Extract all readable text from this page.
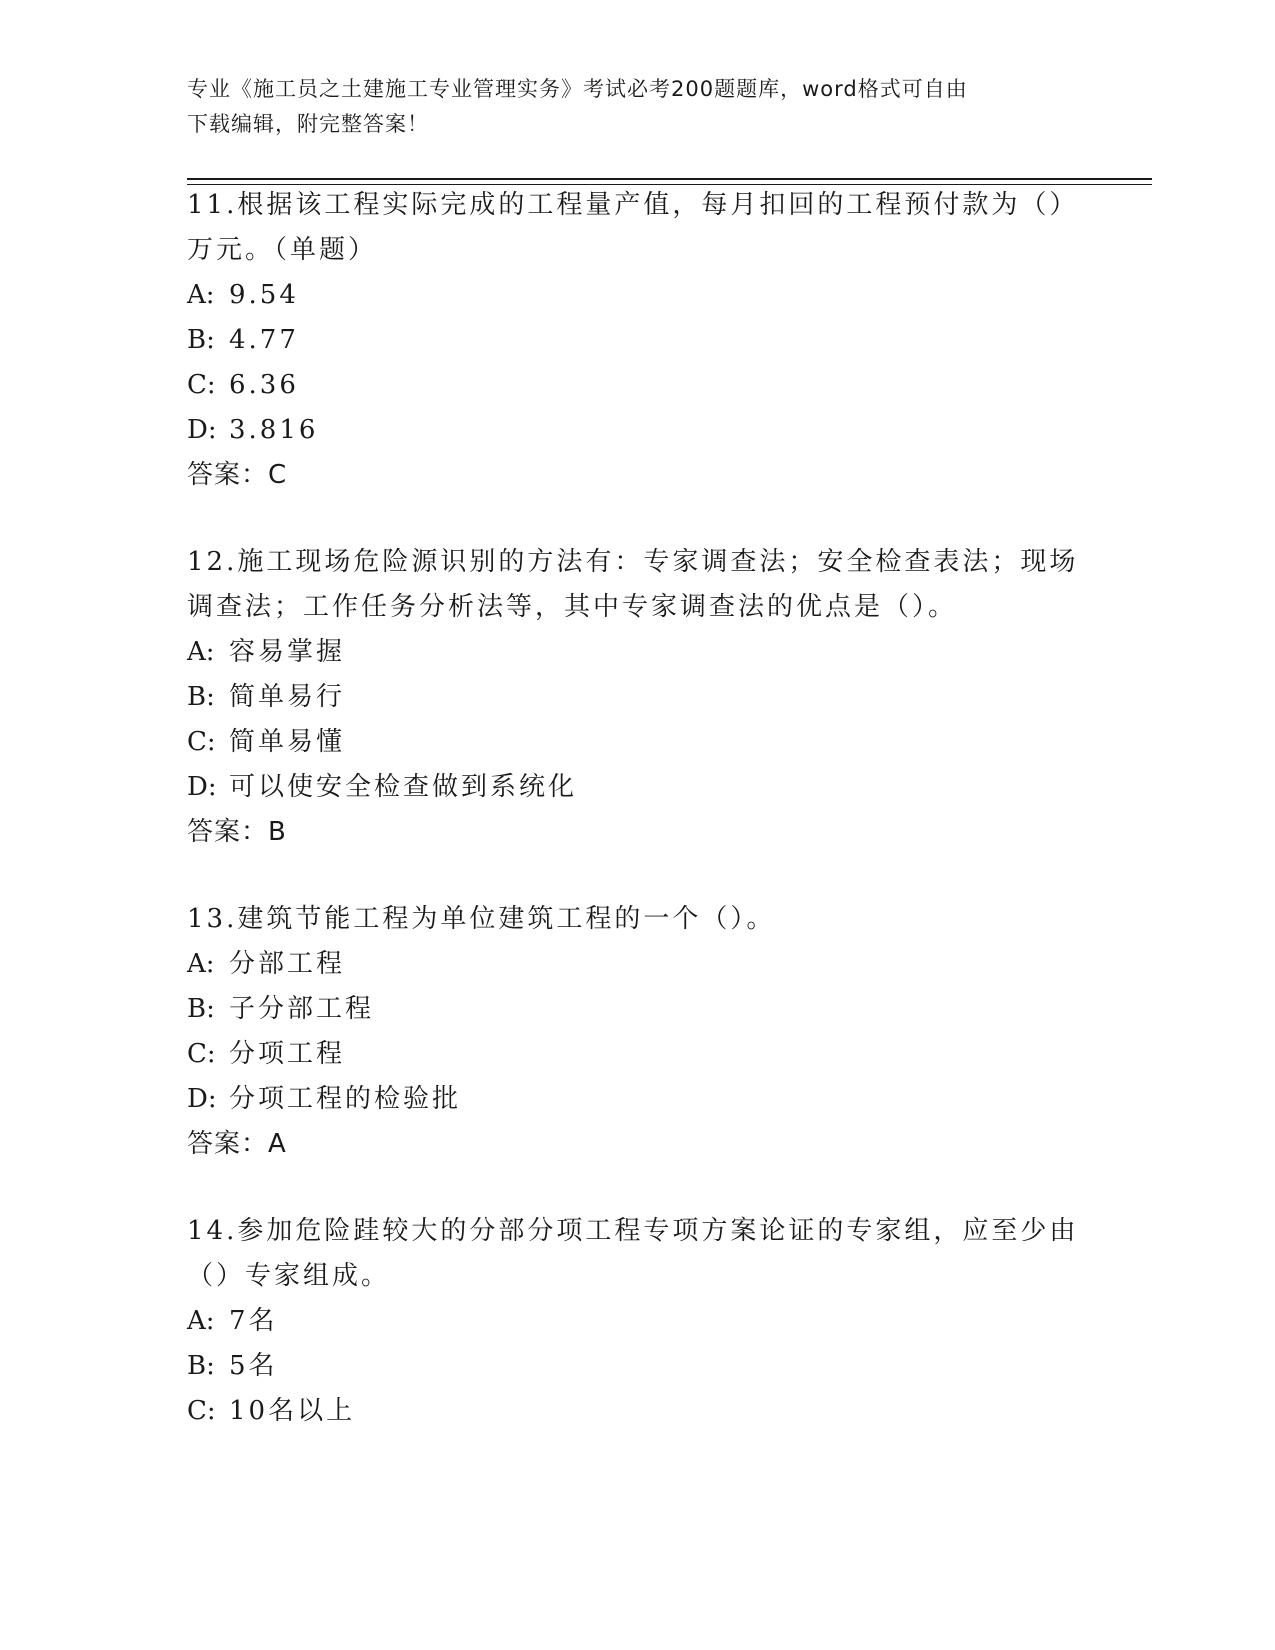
专业《施工员之土建施工专业管理实务》考试必考200题题库，word格式可自由
下载编辑，附完整答案！

11.根据该工程实际完成的工程量产值，每月扣回的工程预付款为（）

万元。（单题）

A: 9.54

B: 4.77

C: 6.36

D: 3.816

答案：C

12.施工现场危险源识别的方法有：专家调查法；安全检查表法；现场

调查法；工作任务分析法等，其中专家调查法的优点是（）。

A: 容易掌握

B: 简单易行

C: 简单易懂

D: 可以使安全检查做到系统化

答案：B

13.建筑节能工程为单位建筑工程的一个（）。

A: 分部工程

B: 子分部工程

C: 分项工程

D: 分项工程的检验批

答案：A

14.参加危险跬较大的分部分项工程专项方案论证的专家组，应至少由

（）专家组成。

A: 7名

B: 5名

C: 10名以上
